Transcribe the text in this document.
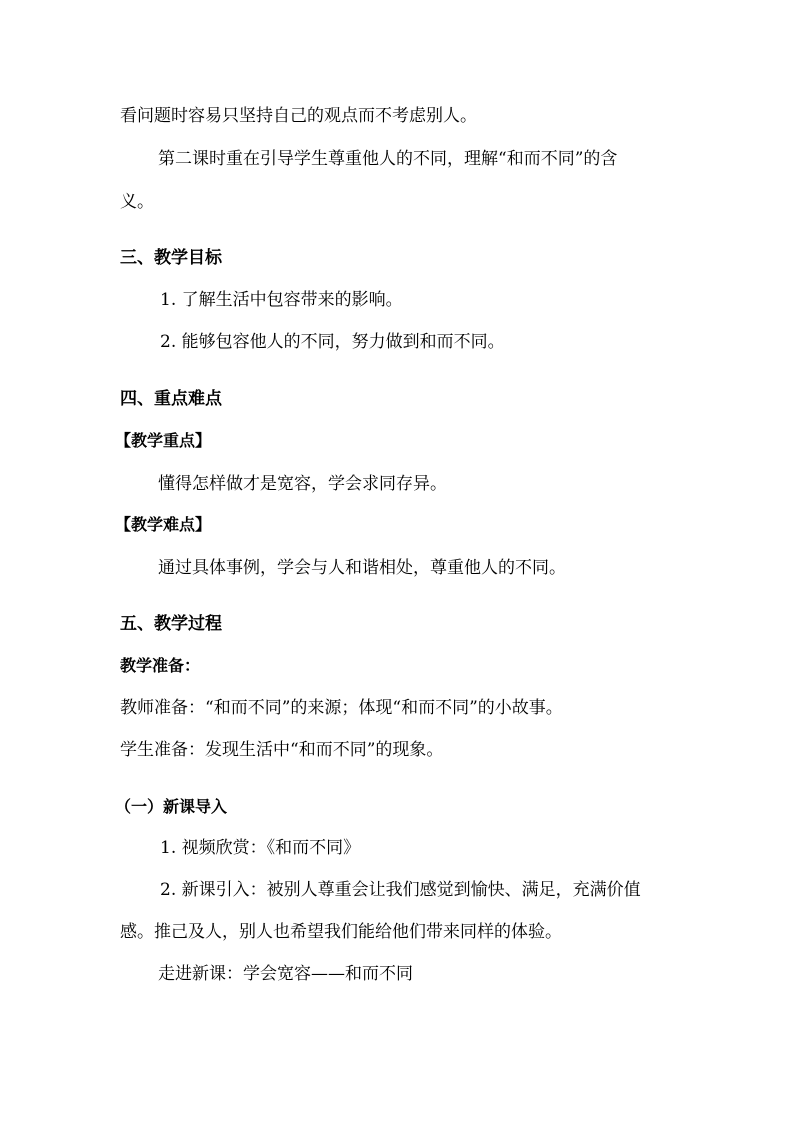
看问题时容易只坚持自己的观点而不考虑别人。
第二课时重在引导学生尊重他人的不同，理解“和而不同”的含
义。
三、教学目标
1. 了解生活中包容带来的影响。
2. 能够包容他人的不同，努力做到和而不同。
四、重点难点
【教学重点】
懂得怎样做才是宽容，学会求同存异。
【教学难点】
通过具体事例，学会与人和谐相处，尊重他人的不同。
五、教学过程
教学准备：
教师准备：“和而不同”的来源；体现“和而不同”的小故事。
学生准备：发现生活中“和而不同”的现象。
（一）新课导入
1. 视频欣赏：《和而不同》
2. 新课引入：被别人尊重会让我们感觉到愉快、满足，充满价值
感。推己及人，别人也希望我们能给他们带来同样的体验。
走进新课：学会宽容——和而不同
